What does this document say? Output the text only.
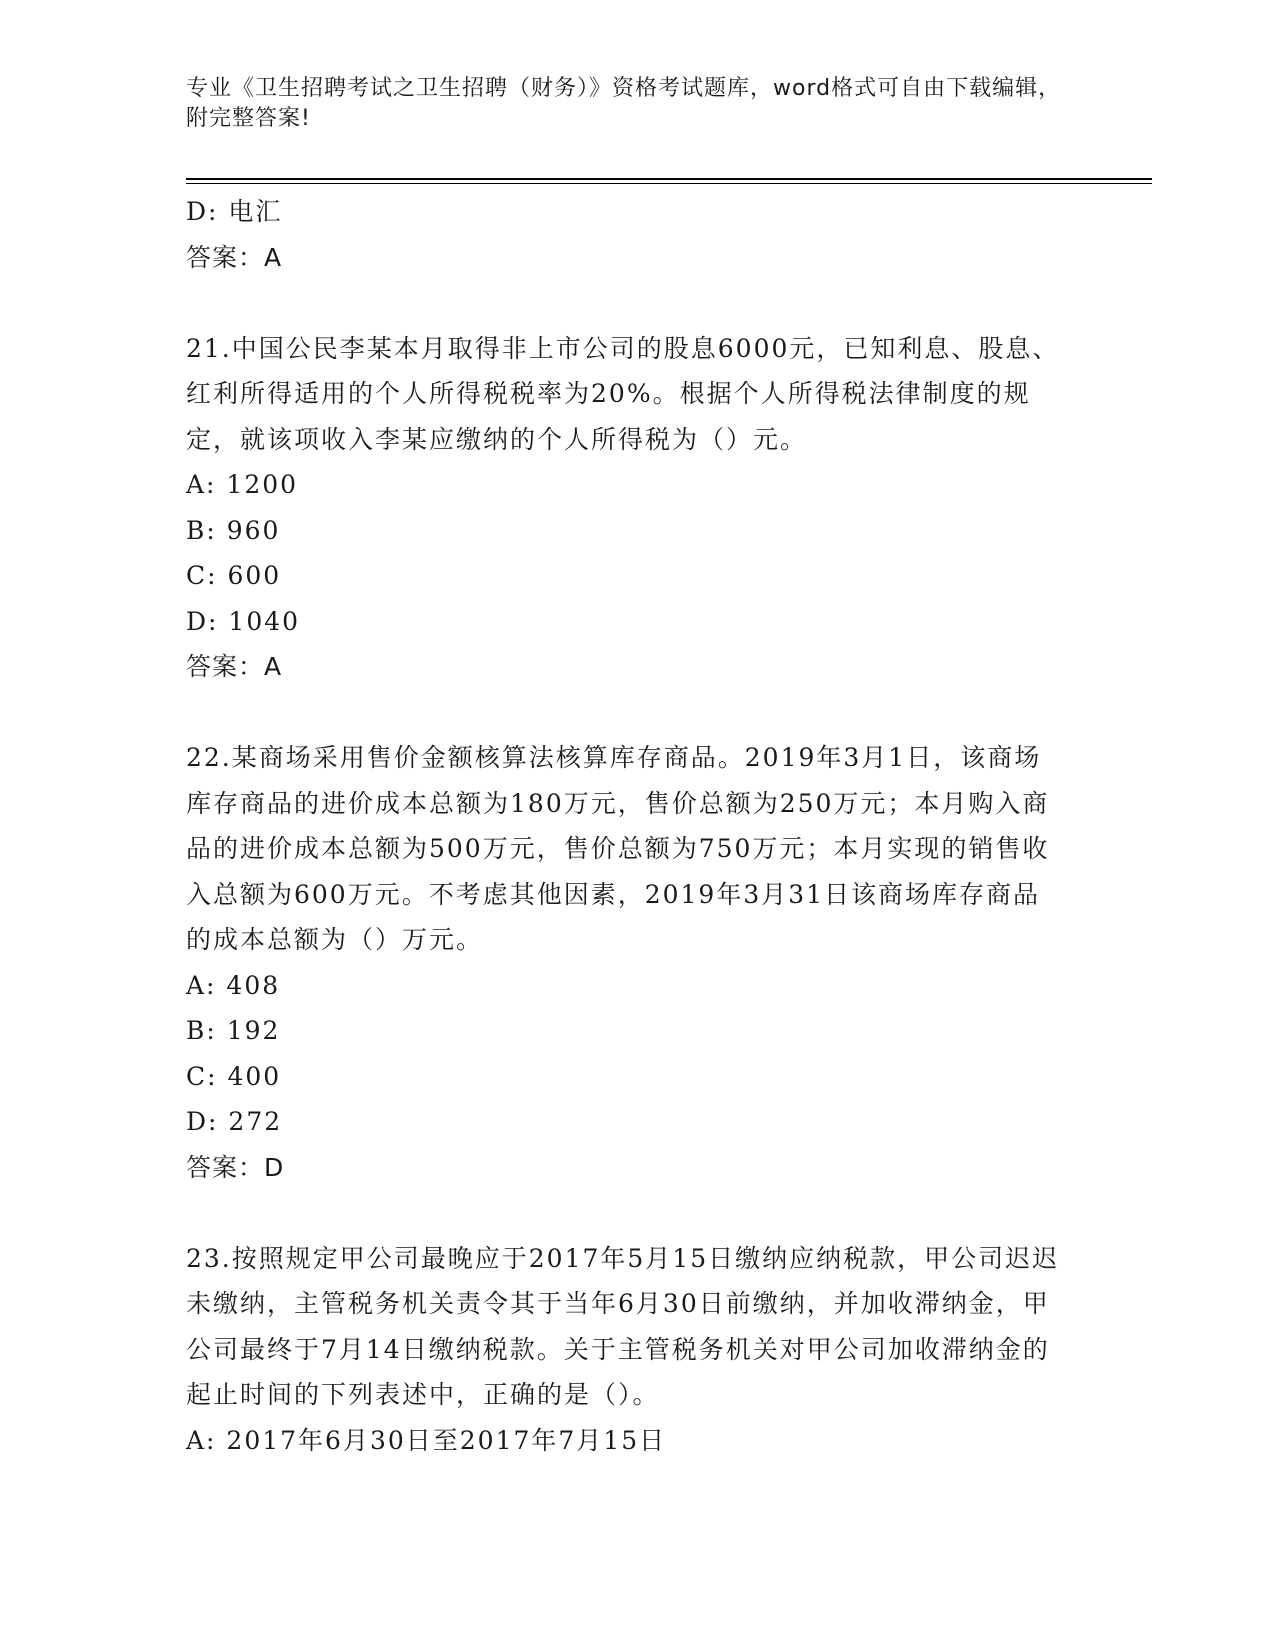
专业《卫生招聘考试之卫生招聘（财务）》资格考试题库，word格式可自由下载编辑，附完整答案!
D: 电汇
答案：A
21.中国公民李某本月取得非上市公司的股息6000元，已知利息、股息、红利所得适用的个人所得税税率为20%。根据个人所得税法律制度的规定，就该项收入李某应缴纳的个人所得税为（）元。
A: 1200
B: 960
C: 600
D: 1040
答案：A
22.某商场采用售价金额核算法核算库存商品。2019年3月1日，该商场库存商品的进价成本总额为180万元，售价总额为250万元；本月购入商品的进价成本总额为500万元，售价总额为750万元；本月实现的销售收入总额为600万元。不考虑其他因素，2019年3月31日该商场库存商品的成本总额为（）万元。
A: 408
B: 192
C: 400
D: 272
答案：D
23.按照规定甲公司最晚应于2017年5月15日缴纳应纳税款，甲公司迟迟未缴纳，主管税务机关责令其于当年6月30日前缴纳，并加收滞纳金，甲公司最终于7月14日缴纳税款。关于主管税务机关对甲公司加收滞纳金的起止时间的下列表述中，正确的是（）。
A: 2017年6月30日至2017年7月15日
